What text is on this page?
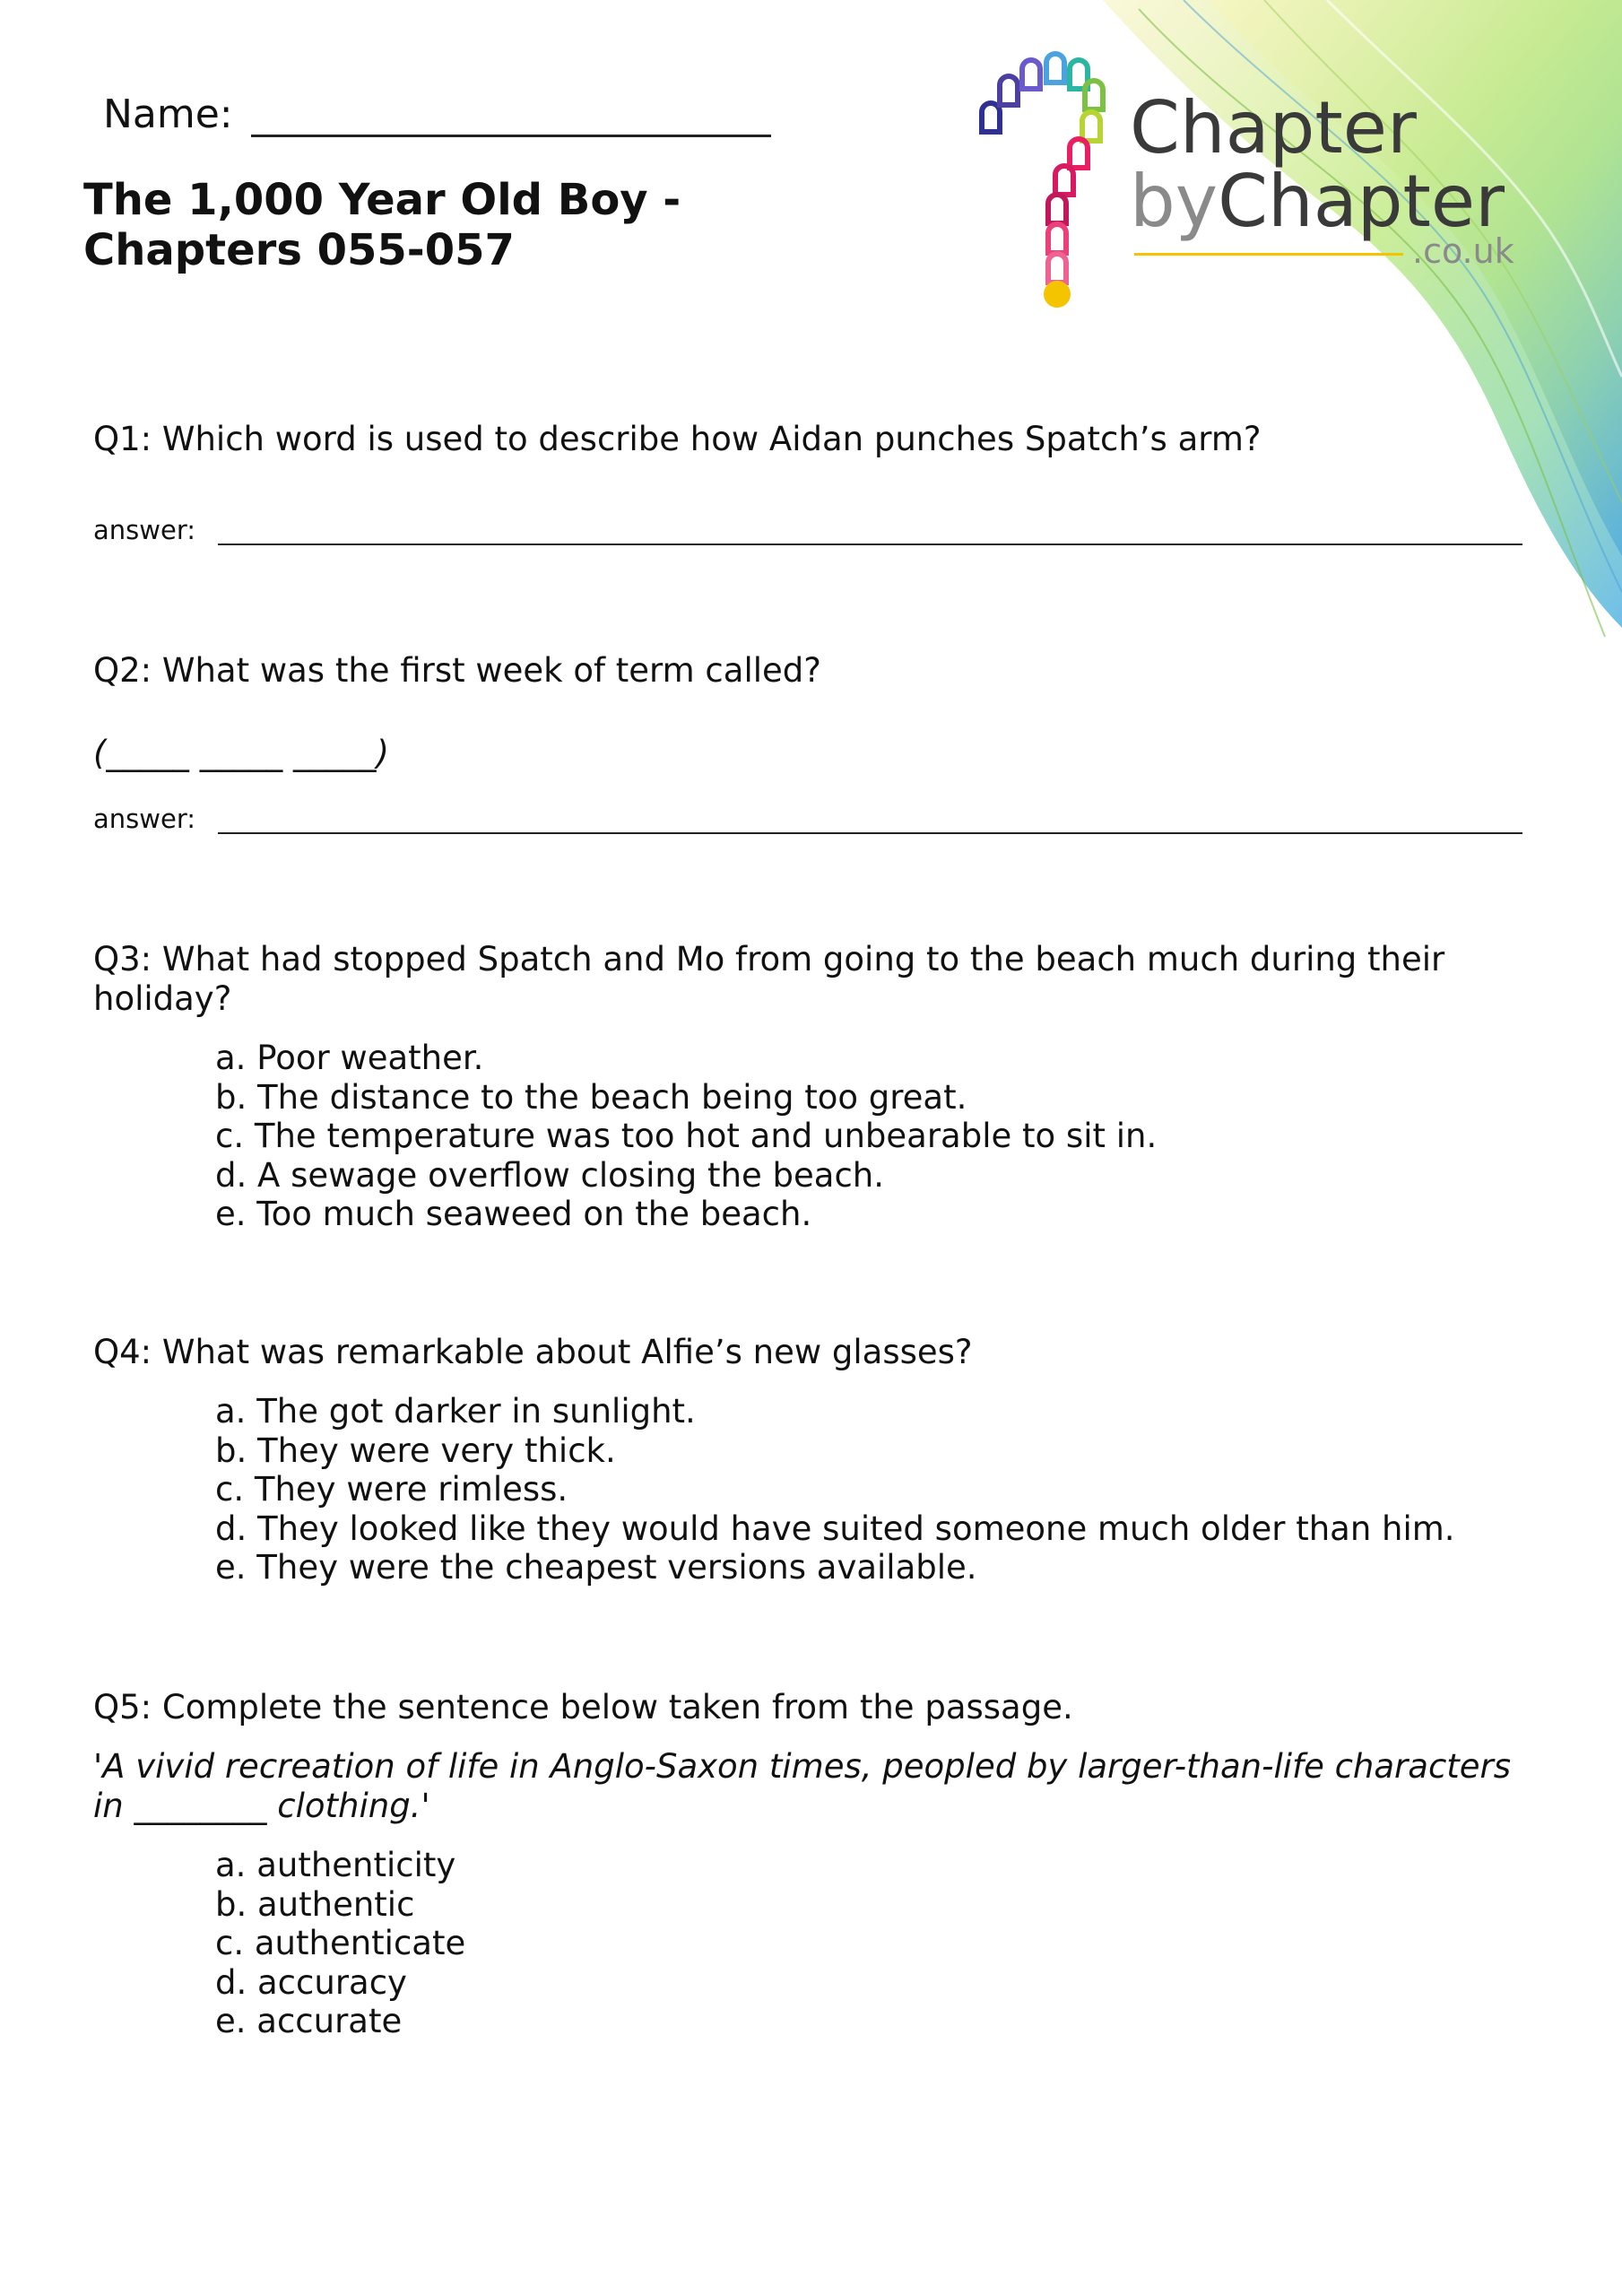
Name:
The 1,000 Year Old Boy -
Chapters 055-057
Chapter
byChapter
.co.uk
Q1: Which word is used to describe how Aidan punches Spatch’s arm?
answer:
Q2: What was the first week of term called?
(_____ _____ _____)
answer:
Q3: What had stopped Spatch and Mo from going to the beach much during their holiday?
a. Poor weather.
b. The distance to the beach being too great.
c. The temperature was too hot and unbearable to sit in.
d. A sewage overflow closing the beach.
e. Too much seaweed on the beach.
Q4: What was remarkable about Alfie’s new glasses?
a. The got darker in sunlight.
b. They were very thick.
c. They were rimless.
d. They looked like they would have suited someone much older than him.
e. They were the cheapest versions available.
Q5: Complete the sentence below taken from the passage.
'A vivid recreation of life in Anglo-Saxon times, peopled by larger-than-life characters in ________ clothing.'
a. authenticity
b. authentic
c. authenticate
d. accuracy
e. accurate
